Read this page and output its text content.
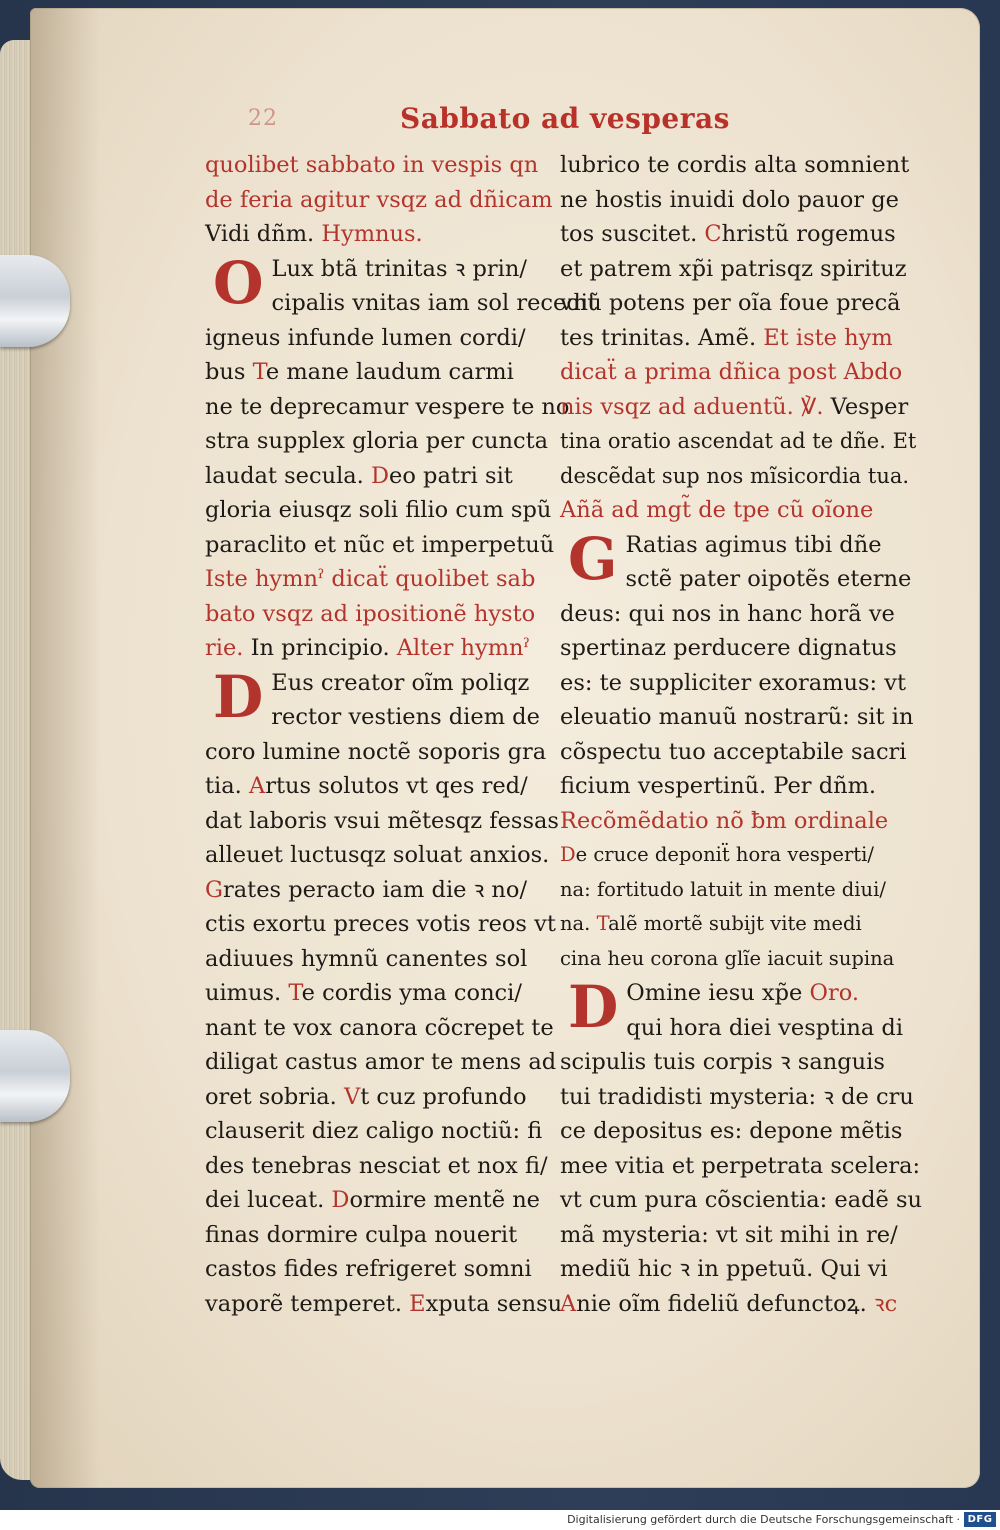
22	Sabbato ad vesperas
quolibet sabbato in vespis qn
de feria agitur vsqz ad dñicam
Vidi dñm. Hymnus.
O Lux btã trinitas ꝛ prin/
cipalis vnitas iam sol recedit
igneus infunde lumen cordi/
bus Te mane laudum carmi
ne te deprecamur vespere te no
stra supplex gloria per cuncta
laudat secula. Deo patri sit
gloria eiusqz soli filio cum spũ
paraclito et nũc et imperpetuũ
Iste hymnˀ dicaẗ quolibet sab
bato vsqz ad ipositionẽ hysto
rie. In principio. Alter hymnˀ
D Eus creator oĩm poliqz
rector vestiens diem de
coro lumine noctẽ soporis gra
tia. Artus solutos vt qes red/
dat laboris vsui mẽtesqz fessas
alleuet luctusqz soluat anxios.
Grates peracto iam die ꝛ no/
ctis exortu preces votis reos vt
adiuues hymnũ canentes sol
uimus. Te cordis yma conci/
nant te vox canora cõcrepet te
diligat castus amor te mens ad
oret sobria. Vt cuz profundo
clauserit diez caligo noctiũ: fi
des tenebras nesciat et nox fi/
dei luceat. Dormire mentẽ ne
finas dormire culpa nouerit
castos fides refrigeret somni
vaporẽ temperet. Exputa sensu
lubrico te cordis alta somnient
ne hostis inuidi dolo pauor ge
tos suscitet. Christũ rogemus
et patrem xp̃i patrisqz spirituz
vnũ potens per oĩa foue precã
tes trinitas. Amẽ. Et iste hym
dicaẗ a prima dñica post Abdo
nis vsqz ad aduentũ. ℣. Vesper
tina oratio ascendat ad te dñe. Et
descẽdat sup nos mĩsicordia tua.
Añã ad mgt̃ de tpe cũ oĩone
G Ratias agimus tibi dñe
sctẽ pater oipotẽs eterne
deus: qui nos in hanc horã ve
spertinaz perducere dignatus
es: te suppliciter exoramus: vt
eleuatio manuũ nostrarũ: sit in
cõspectu tuo acceptabile sacri
ficium vespertinũ. Per dñm.
Recõmẽdatio nõ ƀm ordinale
De cruce deponiẗ hora vesperti/
na: fortitudo latuit in mente diui/
na. Talẽ mortẽ subijt vite medi
cina heu corona glĩe iacuit supina
D Omine iesu xp̃e Oro.
qui hora diei vesptina di
scipulis tuis corpis ꝛ sanguis
tui tradidisti mysteria: ꝛ de cru
ce depositus es: depone mẽtis
mee vitia et perpetrata scelera:
vt cum pura cõscientia: eadẽ su
mã mysteria: vt sit mihi in re/
mediũ hic ꝛ in ppetuũ. Qui vi
Anie oĩm fideliũ defunctoꝝ. ꝛc
Digitalisierung gefördert durch die Deutsche Forschungsgemeinschaft · DFG
